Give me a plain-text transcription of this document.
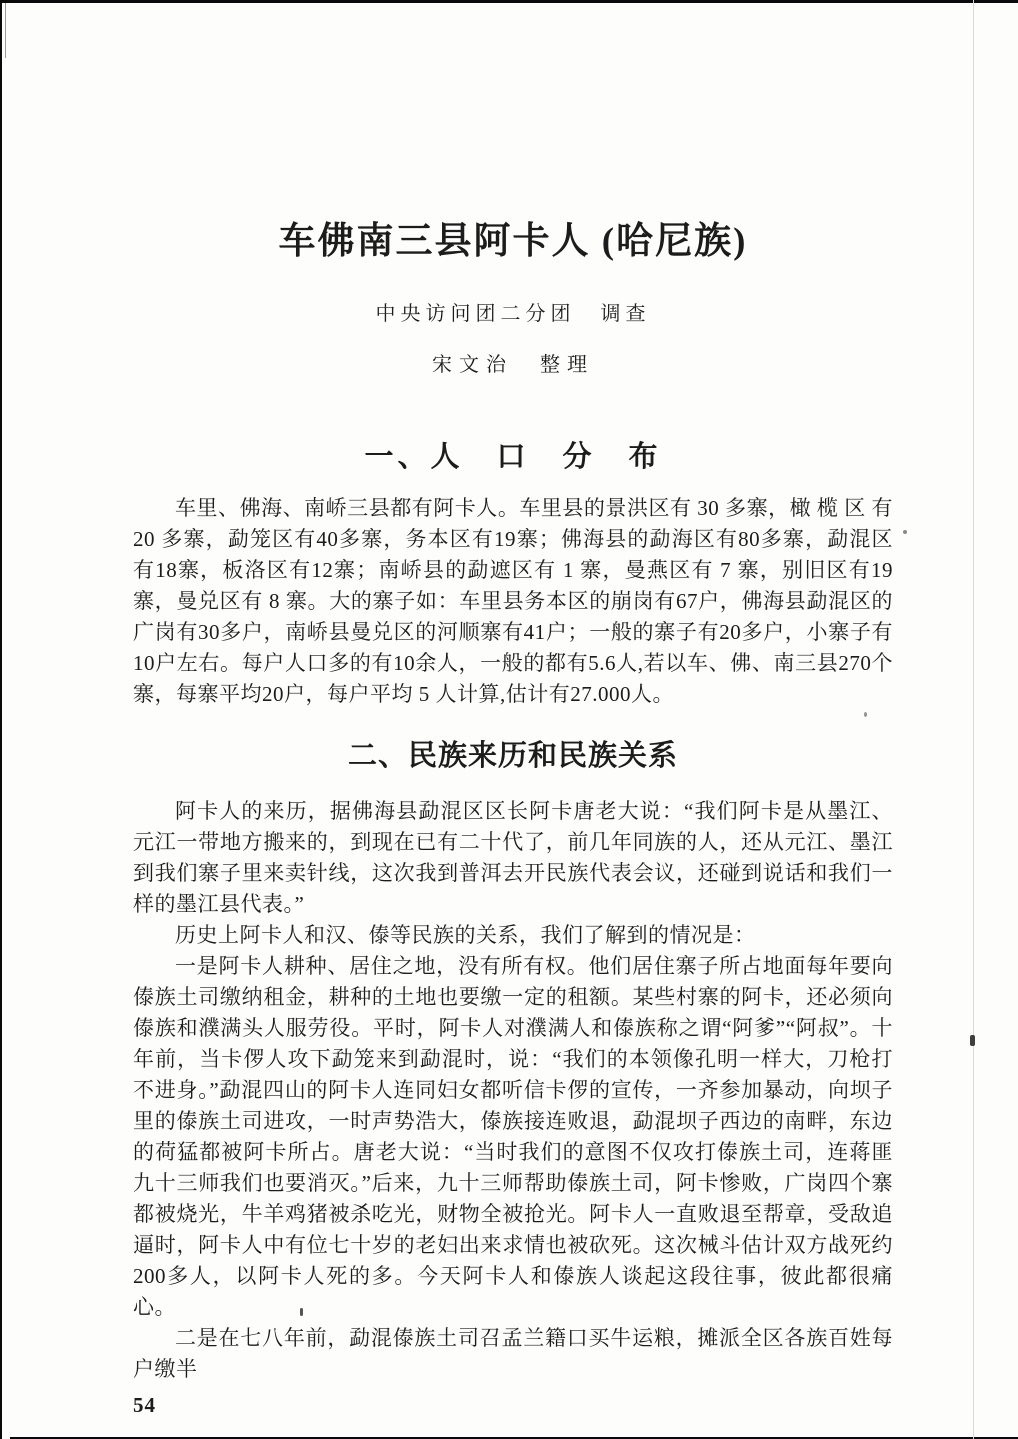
车佛南三县阿卡人 (哈尼族)
中央访问团二分团　调查
宋文治　整理
一、人　口　分　布

车里、佛海、南峤三县都有阿卡人。车里县的景洪区有 30 多寨，橄 榄 区 有20 多寨，勐笼区有40多寨，务本区有19寨；佛海县的勐海区有80多寨，勐混区有18寨，板洛区有12寨；南峤县的勐遮区有 1 寨，曼燕区有 7 寨，别旧区有19寨，曼兑区有 8 寨。大的寨子如：车里县务本区的崩岗有67户，佛海县勐混区的广岗有30多户，南峤县曼兑区的河顺寨有41户；一般的寨子有20多户，小寨子有10户左右。每户人口多的有10余人，一般的都有5.6人,若以车、佛、南三县270个寨，每寨平均20户，每户平均 5 人计算,估计有27.000人。

二、民族来历和民族关系

阿卡人的来历，据佛海县勐混区区长阿卡唐老大说：“我们阿卡是从墨江、元江一带地方搬来的，到现在已有二十代了，前几年同族的人，还从元江、墨江到我们寨子里来卖针线，这次我到普洱去开民族代表会议，还碰到说话和我们一样的墨江县代表。”

历史上阿卡人和汉、傣等民族的关系，我们了解到的情况是：

一是阿卡人耕种、居住之地，没有所有权。他们居住寨子所占地面每年要向傣族土司缴纳租金，耕种的土地也要缴一定的租额。某些村寨的阿卡，还必须向傣族和濮满头人服劳役。平时，阿卡人对濮满人和傣族称之谓“阿爹”“阿叔”。十年前，当卡㑩人攻下勐笼来到勐混时，说：“我们的本领像孔明一样大，刀枪打不进身。”勐混四山的阿卡人连同妇女都听信卡㑩的宣传，一齐参加暴动，向坝子里的傣族土司进攻，一时声势浩大，傣族接连败退，勐混坝子西边的南畔，东边的荷猛都被阿卡所占。唐老大说：“当时我们的意图不仅攻打傣族土司，连蒋匪九十三师我们也要消灭。”后来，九十三师帮助傣族土司，阿卡惨败，广岗四个寨都被烧光，牛羊鸡猪被杀吃光，财物全被抢光。阿卡人一直败退至帮章，受敌追逼时，阿卡人中有位七十岁的老妇出来求情也被砍死。这次械斗估计双方战死约200多人，以阿卡人死的多。今天阿卡人和傣族人谈起这段往事，彼此都很痛心。

二是在七八年前，勐混傣族土司召孟兰籍口买牛运粮，摊派全区各族百姓每户缴半

54
